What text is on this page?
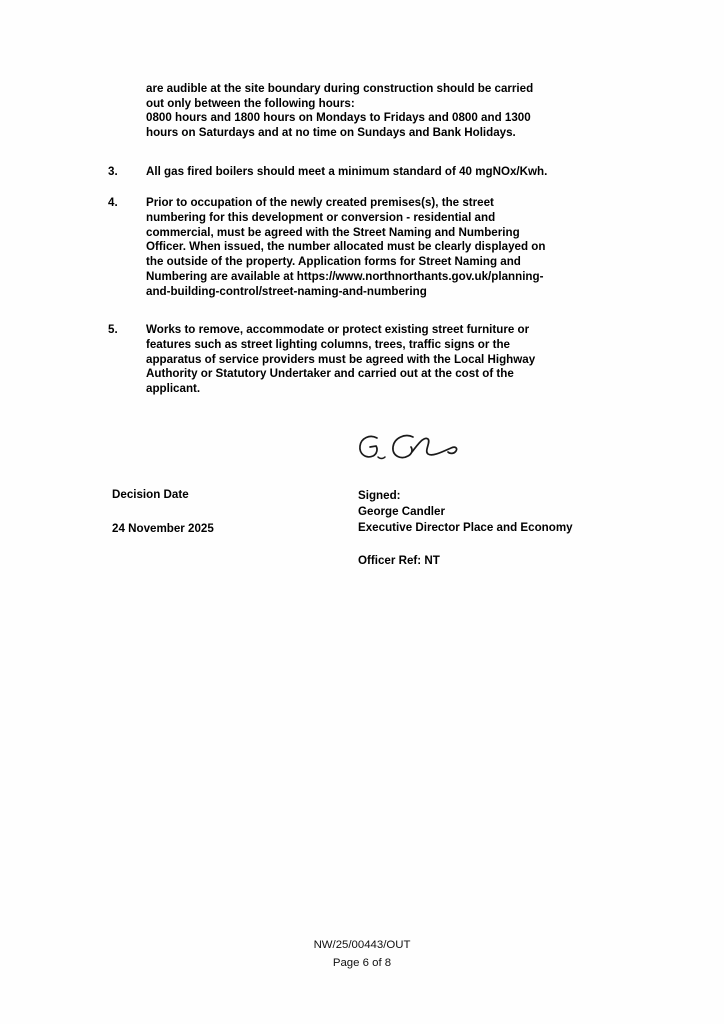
are audible at the site boundary during construction should be carried
out only between the following hours:
0800 hours and 1800 hours on Mondays to Fridays and 0800 and 1300
hours on Saturdays and at no time on Sundays and Bank Holidays.
3.	All gas fired boilers should meet a minimum standard of 40 mgNOx/Kwh.
4.	Prior to occupation of the newly created premises(s), the street
numbering for this development or conversion - residential and
commercial, must be agreed with the Street Naming and Numbering
Officer. When issued, the number allocated must be clearly displayed on
the outside of the property. Application forms for Street Naming and
Numbering are available at https://www.northnorthants.gov.uk/planning-
and-building-control/street-naming-and-numbering
5.	Works to remove, accommodate or protect existing street furniture or
features such as street lighting columns, trees, traffic signs or the
apparatus of service providers must be agreed with the Local Highway
Authority or Statutory Undertaker and carried out at the cost of the
applicant.
Decision Date
24 November 2025
Signed:
George Candler
Executive Director Place and Economy
Officer Ref: NT
NW/25/00443/OUT
Page 6 of 8
